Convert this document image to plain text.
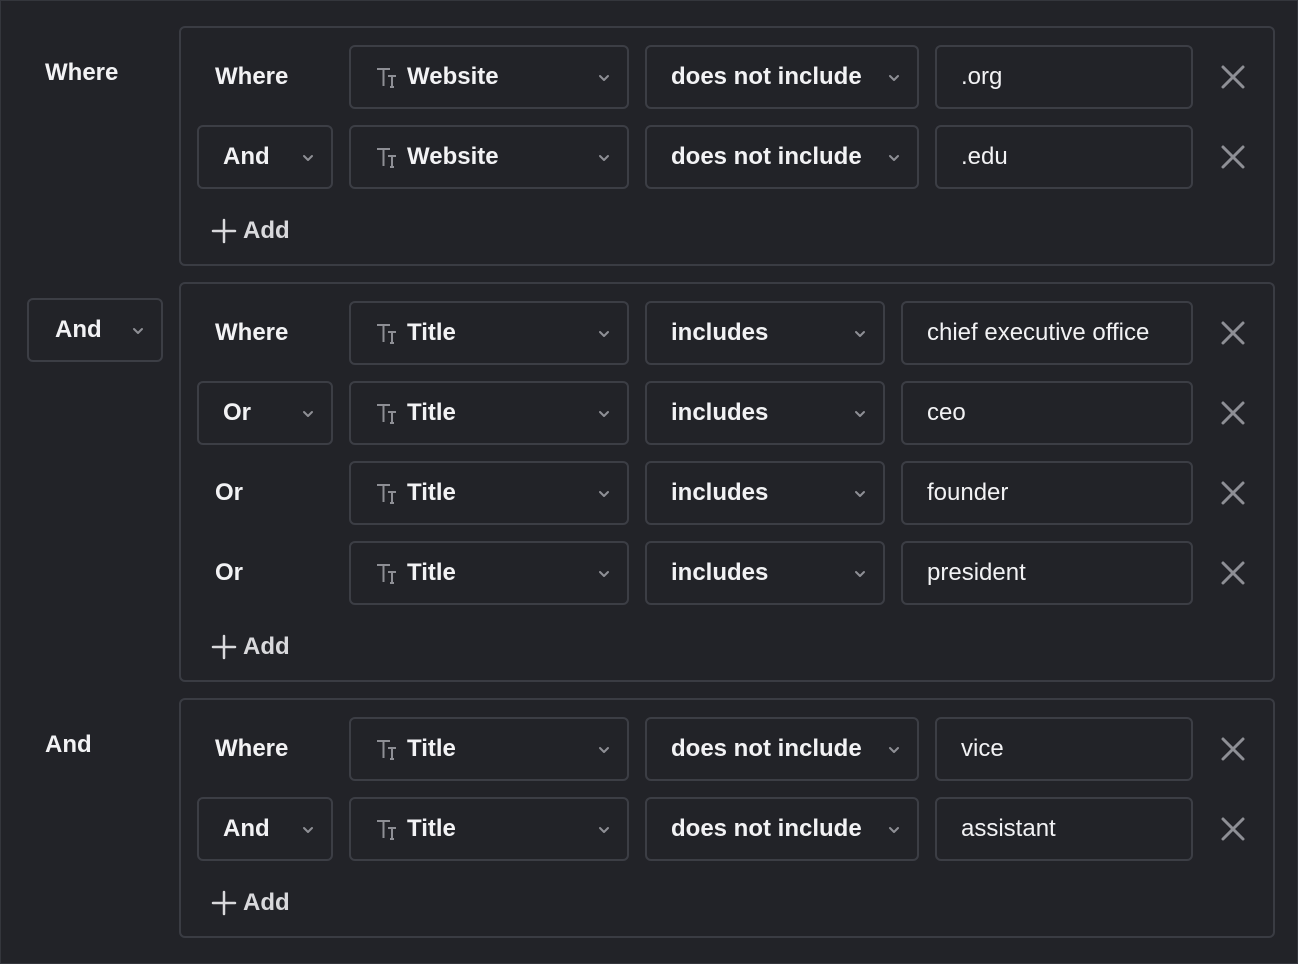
Where
And
And
Where	Website	does not include	.org
And	Website	does not include	.edu
Add
Where	Title	includes	chief executive office
Or	Title	includes	ceo
Or	Title	includes	founder
Or	Title	includes	president
Add
Where	Title	does not include	vice
And	Title	does not include	assistant
Add
